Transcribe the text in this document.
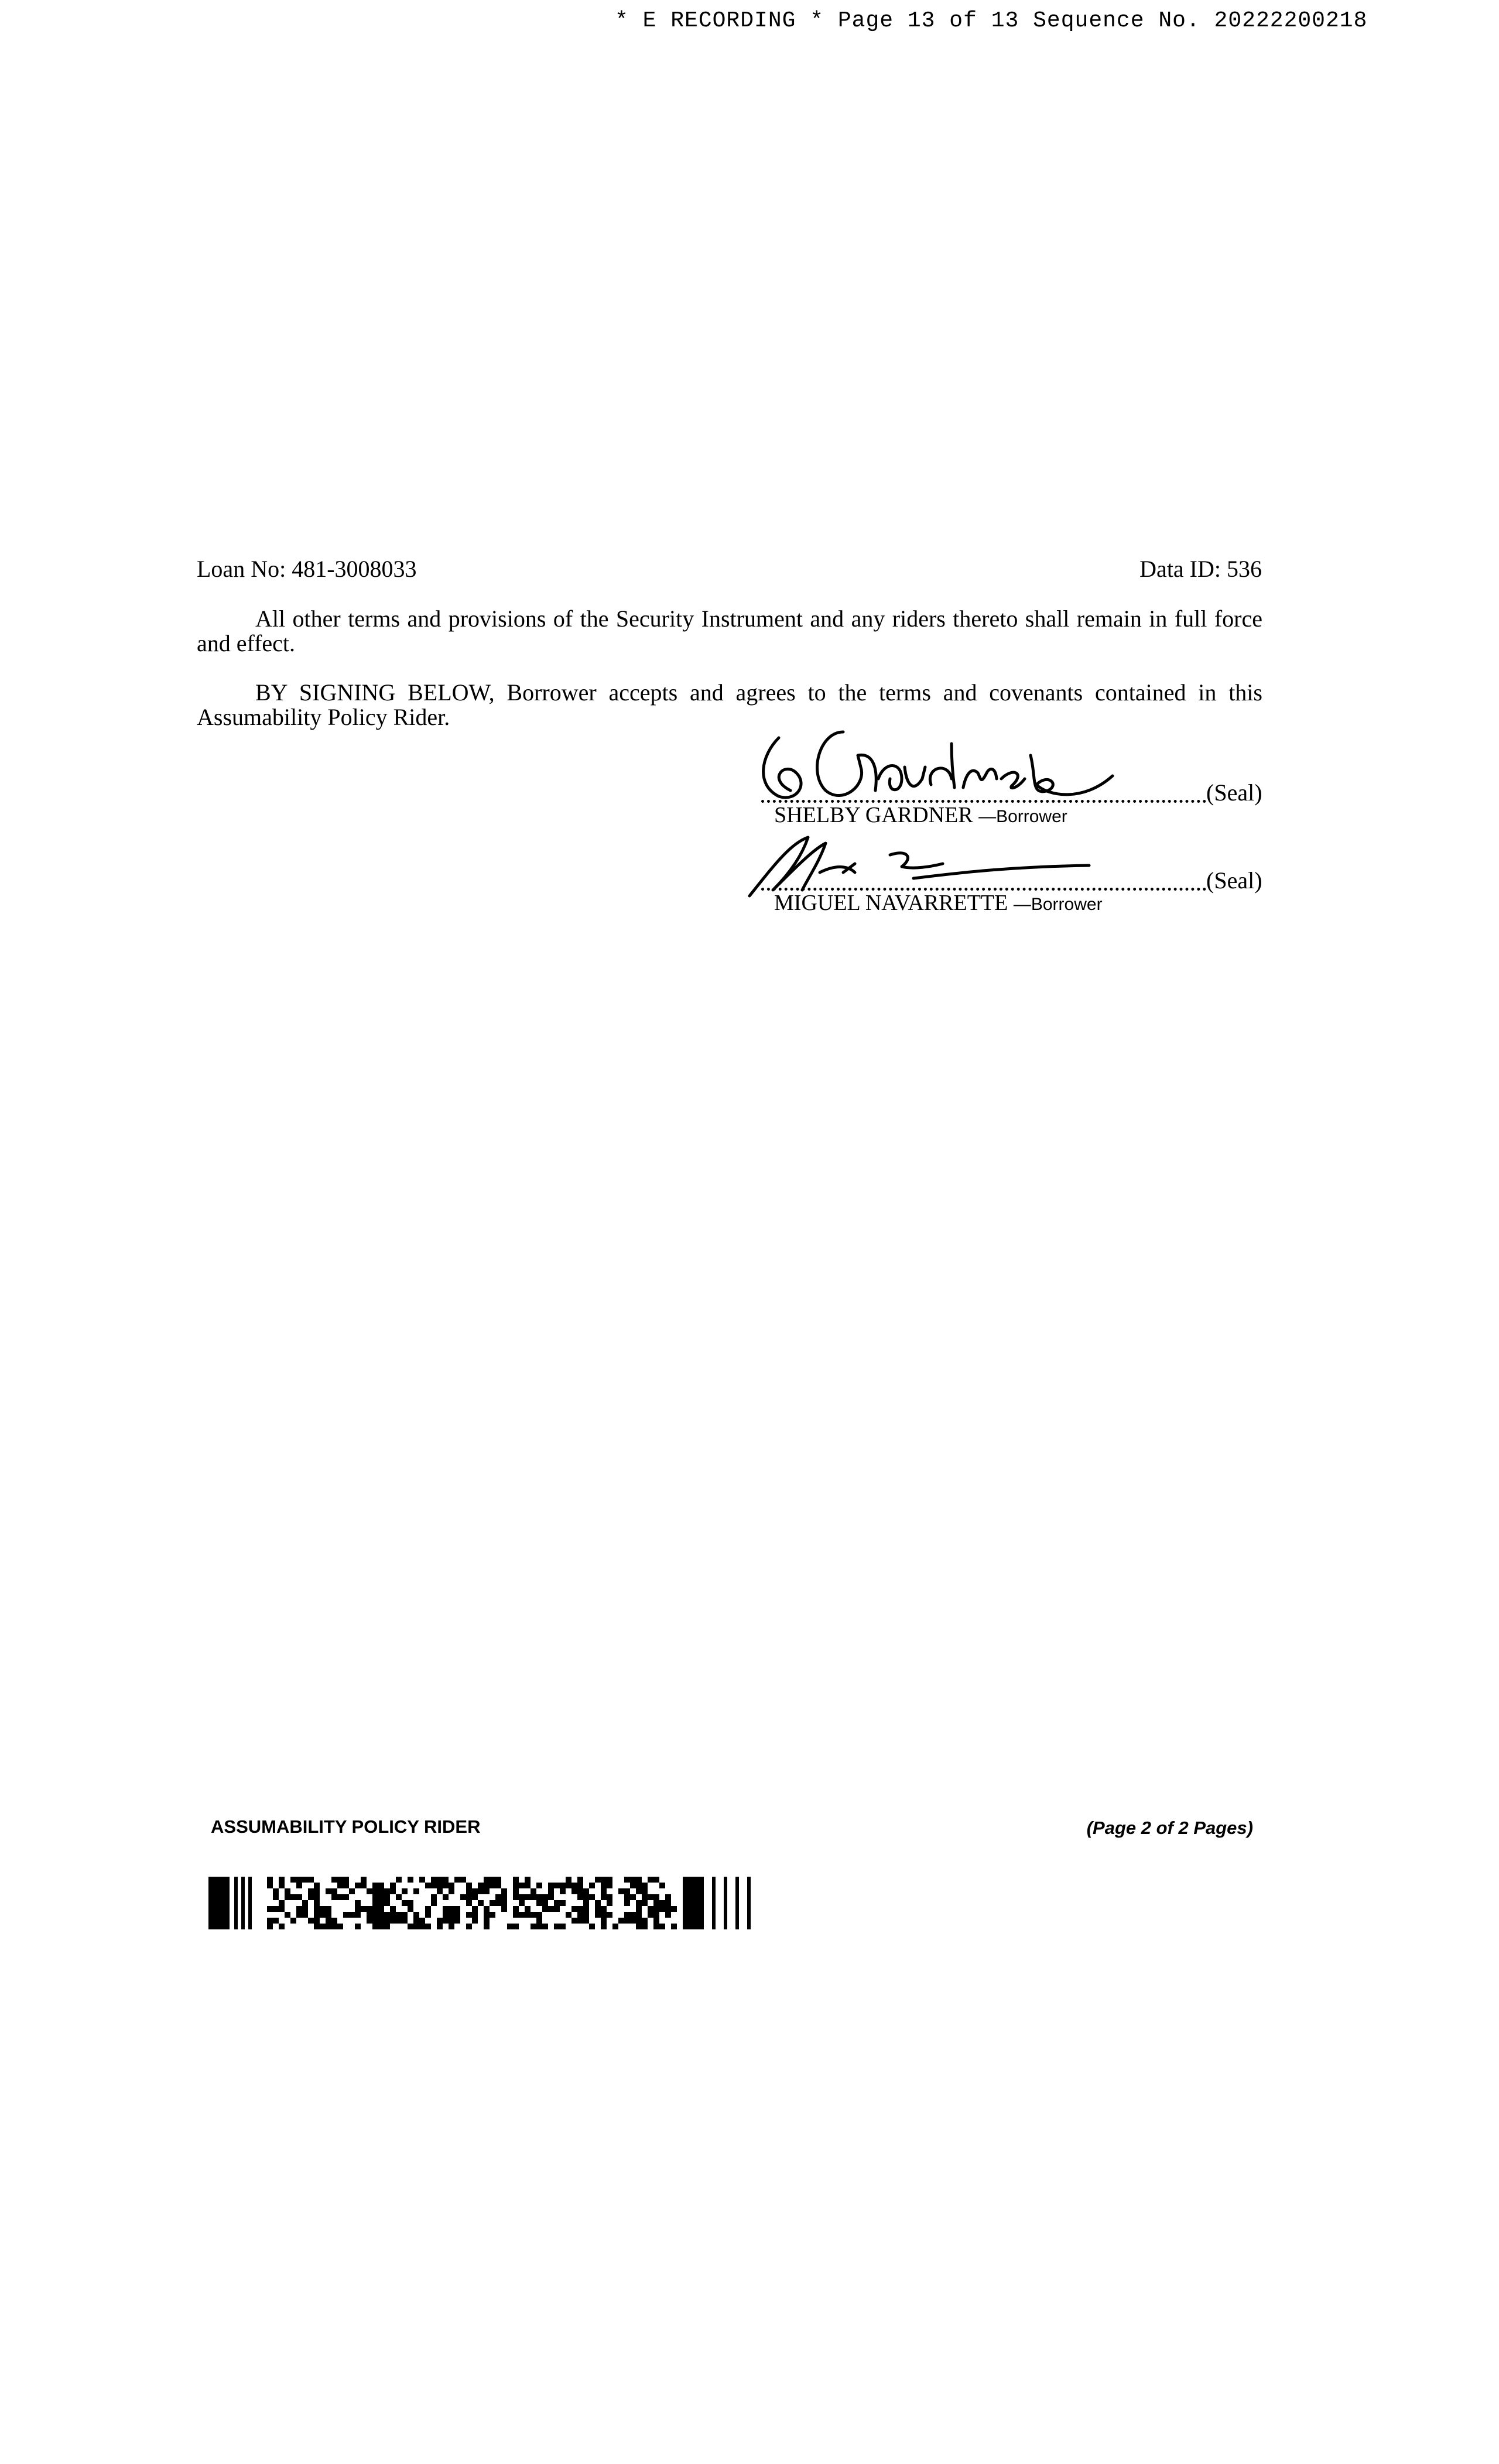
* E RECORDING * Page 13 of 13 Sequence No. 20222200218
Loan No: 481-3008033	Data ID: 536
All other terms and provisions of the Security Instrument and any riders thereto shall remain in full force and effect.
BY SIGNING BELOW, Borrower accepts and agrees to the terms and covenants contained in this Assumability Policy Rider.
(Seal)
SHELBY GARDNER —Borrower
(Seal)
MIGUEL NAVARRETTE —Borrower
ASSUMABILITY POLICY RIDER	(Page 2 of 2 Pages)
